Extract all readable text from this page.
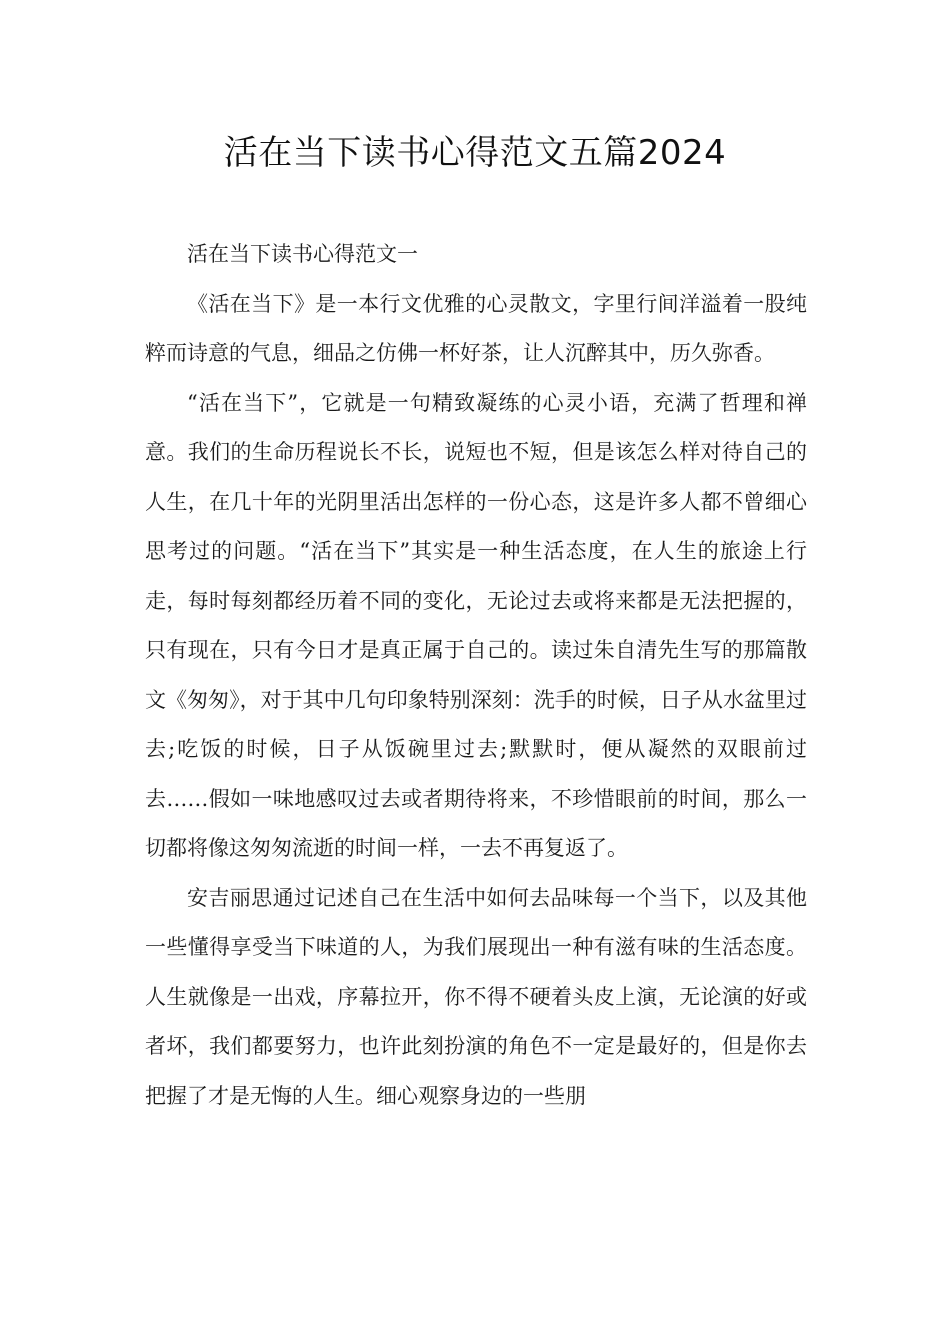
活在当下读书心得范文五篇2024

活在当下读书心得范文一

《活在当下》是一本行文优雅的心灵散文，字里行间洋溢着一股纯粹而诗意的气息，细品之仿佛一杯好茶，让人沉醉其中，历久弥香。

“活在当下”，它就是一句精致凝练的心灵小语，充满了哲理和禅意。我们的生命历程说长不长，说短也不短，但是该怎么样对待自己的人生，在几十年的光阴里活出怎样的一份心态，这是许多人都不曾细心思考过的问题。“活在当下”其实是一种生活态度，在人生的旅途上行走，每时每刻都经历着不同的变化，无论过去或将来都是无法把握的，只有现在，只有今日才是真正属于自己的。读过朱自清先生写的那篇散文《匆匆》，对于其中几句印象特别深刻：洗手的时候，日子从水盆里过去;吃饭的时候，日子从饭碗里过去;默默时，便从凝然的双眼前过去……假如一味地感叹过去或者期待将来，不珍惜眼前的时间，那么一切都将像这匆匆流逝的时间一样，一去不再复返了。

安吉丽思通过记述自己在生活中如何去品味每一个当下，以及其他一些懂得享受当下味道的人，为我们展现出一种有滋有味的生活态度。人生就像是一出戏，序幕拉开，你不得不硬着头皮上演，无论演的好或者坏，我们都要努力，也许此刻扮演的角色不一定是最好的，但是你去把握了才是无悔的人生。细心观察身边的一些朋
